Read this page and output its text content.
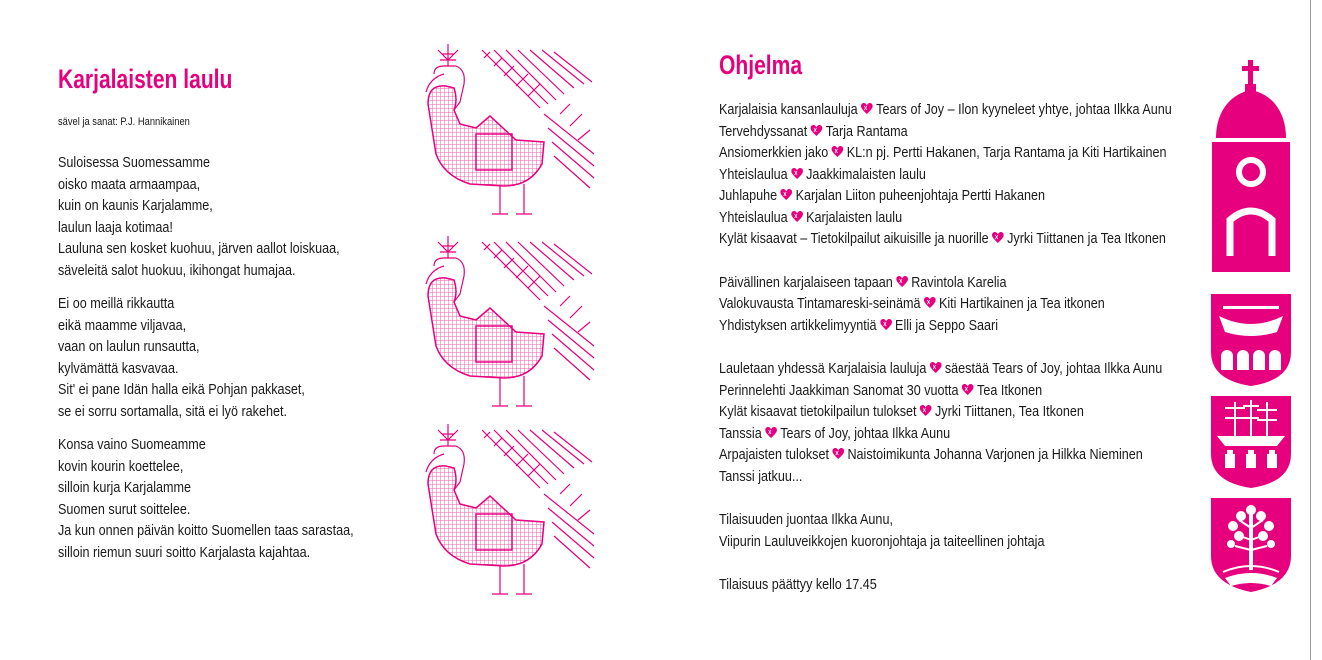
Karjalaisten laulu
sävel ja sanat: P.J. Hannikainen
Suloisessa Suomessamme
oisko maata armaampaa,
kuin on kaunis Karjalamme,
laulun laaja kotimaa!
Lauluna sen kosket kuohuu, järven aallot loiskuaa,
säveleitä salot huokuu, ikihongat humajaa.
Ei oo meillä rikkautta
eikä maamme viljavaa,
vaan on laulun runsautta,
kylvämättä kasvavaa.
Sit' ei pane Idän halla eikä Pohjan pakkaset,
se ei sorru sortamalla, sitä ei lyö rakehet.
Konsa vaino Suomeamme
kovin kourin koettelee,
silloin kurja Karjalamme
Suomen surut soittelee.
Ja kun onnen päivän koitto Suomellen taas sarastaa,
silloin riemun suuri soitto Karjalasta kajahtaa.
Ohjelma
Karjalaisia kansanlauluja Tears of Joy – Ilon kyyneleet yhtye, johtaa Ilkka Aunu
Tervehdyssanat Tarja Rantama
Ansiomerkkien jako KL:n pj. Pertti Hakanen, Tarja Rantama ja Kiti Hartikainen
Yhteislaulua Jaakkimalaisten laulu
Juhlapuhe Karjalan Liiton puheenjohtaja Pertti Hakanen
Yhteislaulua Karjalaisten laulu
Kylät kisaavat – Tietokilpailut aikuisille ja nuorille Jyrki Tiittanen ja Tea Itkonen
Päivällinen karjalaiseen tapaan Ravintola Karelia
Valokuvausta Tintamareski-seinämä Kiti Hartikainen ja Tea itkonen
Yhdistyksen artikkelimyyntiä Elli ja Seppo Saari
Lauletaan yhdessä Karjalaisia lauluja säestää Tears of Joy, johtaa Ilkka Aunu
Perinnelehti Jaakkiman Sanomat 30 vuotta Tea Itkonen
Kylät kisaavat tietokilpailun tulokset Jyrki Tiittanen, Tea Itkonen
Tanssia Tears of Joy, johtaa Ilkka Aunu
Arpajaisten tulokset Naistoimikunta Johanna Varjonen ja Hilkka Nieminen
Tanssi jatkuu...
Tilaisuuden juontaa Ilkka Aunu,
Viipurin Lauluveikkojen kuoronjohtaja ja taiteellinen johtaja
Tilaisuus päättyy kello 17.45
